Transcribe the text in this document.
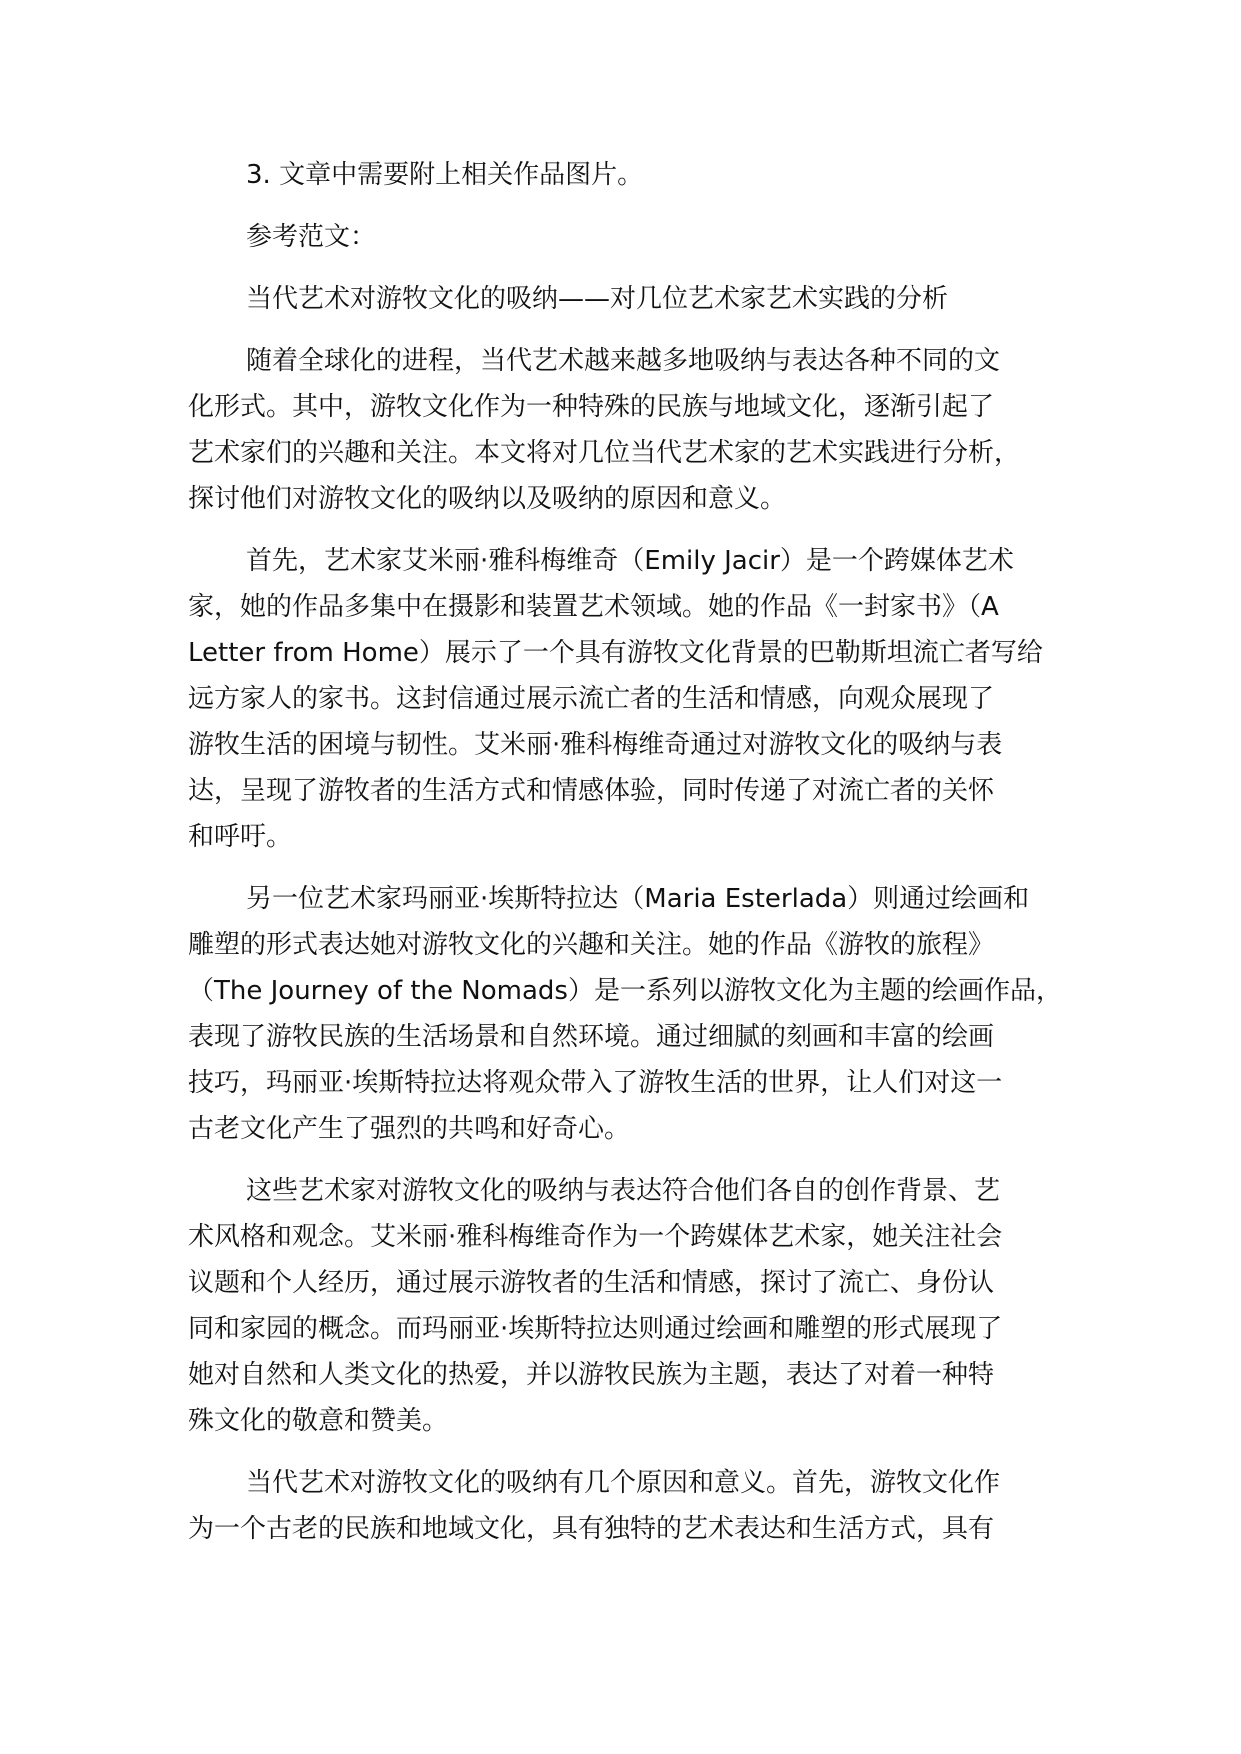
3. 文章中需要附上相关作品图片。

参考范文：

当代艺术对游牧文化的吸纳——对几位艺术家艺术实践的分析

随着全球化的进程，当代艺术越来越多地吸纳与表达各种不同的文

化形式。其中，游牧文化作为一种特殊的民族与地域文化，逐渐引起了

艺术家们的兴趣和关注。本文将对几位当代艺术家的艺术实践进行分析，

探讨他们对游牧文化的吸纳以及吸纳的原因和意义。

首先，艺术家艾米丽·雅科梅维奇（Emily Jacir）是一个跨媒体艺术

家，她的作品多集中在摄影和装置艺术领域。她的作品《一封家书》（A

Letter from Home）展示了一个具有游牧文化背景的巴勒斯坦流亡者写给

远方家人的家书。这封信通过展示流亡者的生活和情感，向观众展现了

游牧生活的困境与韧性。艾米丽·雅科梅维奇通过对游牧文化的吸纳与表

达，呈现了游牧者的生活方式和情感体验，同时传递了对流亡者的关怀

和呼吁。

另一位艺术家玛丽亚·埃斯特拉达（Maria Esterlada）则通过绘画和

雕塑的形式表达她对游牧文化的兴趣和关注。她的作品《游牧的旅程》

（The Journey of the Nomads）是一系列以游牧文化为主题的绘画作品，

表现了游牧民族的生活场景和自然环境。通过细腻的刻画和丰富的绘画

技巧，玛丽亚·埃斯特拉达将观众带入了游牧生活的世界，让人们对这一

古老文化产生了强烈的共鸣和好奇心。

这些艺术家对游牧文化的吸纳与表达符合他们各自的创作背景、艺

术风格和观念。艾米丽·雅科梅维奇作为一个跨媒体艺术家，她关注社会

议题和个人经历，通过展示游牧者的生活和情感，探讨了流亡、身份认

同和家园的概念。而玛丽亚·埃斯特拉达则通过绘画和雕塑的形式展现了

她对自然和人类文化的热爱，并以游牧民族为主题，表达了对着一种特

殊文化的敬意和赞美。

当代艺术对游牧文化的吸纳有几个原因和意义。首先，游牧文化作

为一个古老的民族和地域文化，具有独特的艺术表达和生活方式，具有
